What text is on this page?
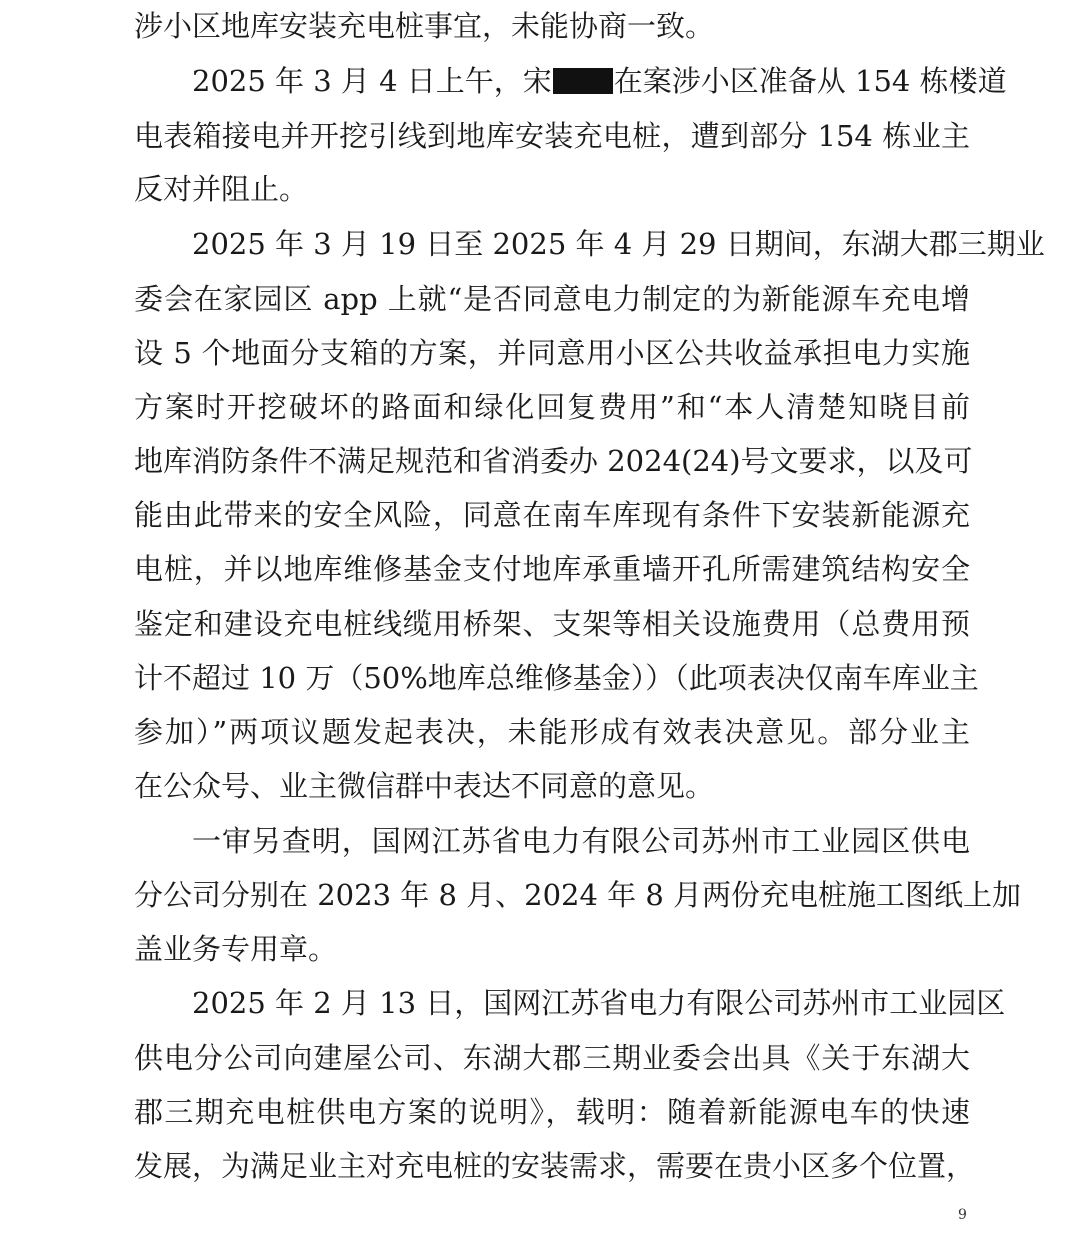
涉小区地库安装充电桩事宜，未能协商一致。
2025 年 3 月 4 日上午，宋 在案涉小区准备从 154 栋楼道
电表箱接电并开挖引线到地库安装充电桩，遭到部分 154 栋业主
反对并阻止。
2025 年 3 月 19 日至 2025 年 4 月 29 日期间，东湖大郡三期业
委会在家园区 app 上就“是否同意电力制定的为新能源车充电增
设 5 个地面分支箱的方案，并同意用小区公共收益承担电力实施
方案时开挖破坏的路面和绿化回复费用”和“本人清楚知晓目前
地库消防条件不满足规范和省消委办 2024(24)号文要求，以及可
能由此带来的安全风险，同意在南车库现有条件下安装新能源充
电桩，并以地库维修基金支付地库承重墙开孔所需建筑结构安全
鉴定和建设充电桩线缆用桥架、支架等相关设施费用（总费用预
计不超过 10 万（50%地库总维修基金））（此项表决仅南车库业主
参加）”两项议题发起表决，未能形成有效表决意见。部分业主
在公众号、业主微信群中表达不同意的意见。
一审另查明，国网江苏省电力有限公司苏州市工业园区供电
分公司分别在 2023 年 8 月、2024 年 8 月两份充电桩施工图纸上加
盖业务专用章。
2025 年 2 月 13 日，国网江苏省电力有限公司苏州市工业园区
供电分公司向建屋公司、东湖大郡三期业委会出具《关于东湖大
郡三期充电桩供电方案的说明》，载明：随着新能源电车的快速
发展，为满足业主对充电桩的安装需求，需要在贵小区多个位置，
9
